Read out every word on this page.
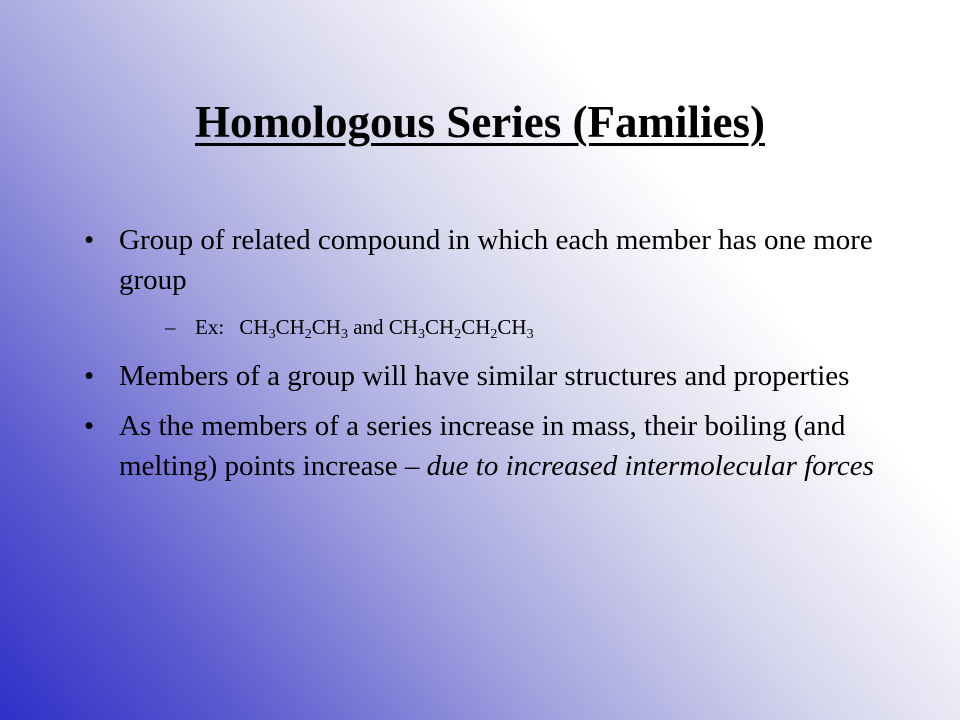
Homologous Series (Families)
• Group of related compound in which each member has one more group
– Ex: $CH_3CH_2CH_3$ and $CH_3CH_2CH_2CH_3$
• Members of a group will have similar structures and properties
• As the members of a series increase in mass, their boiling (and melting) points increase – due to increased intermolecular forces
